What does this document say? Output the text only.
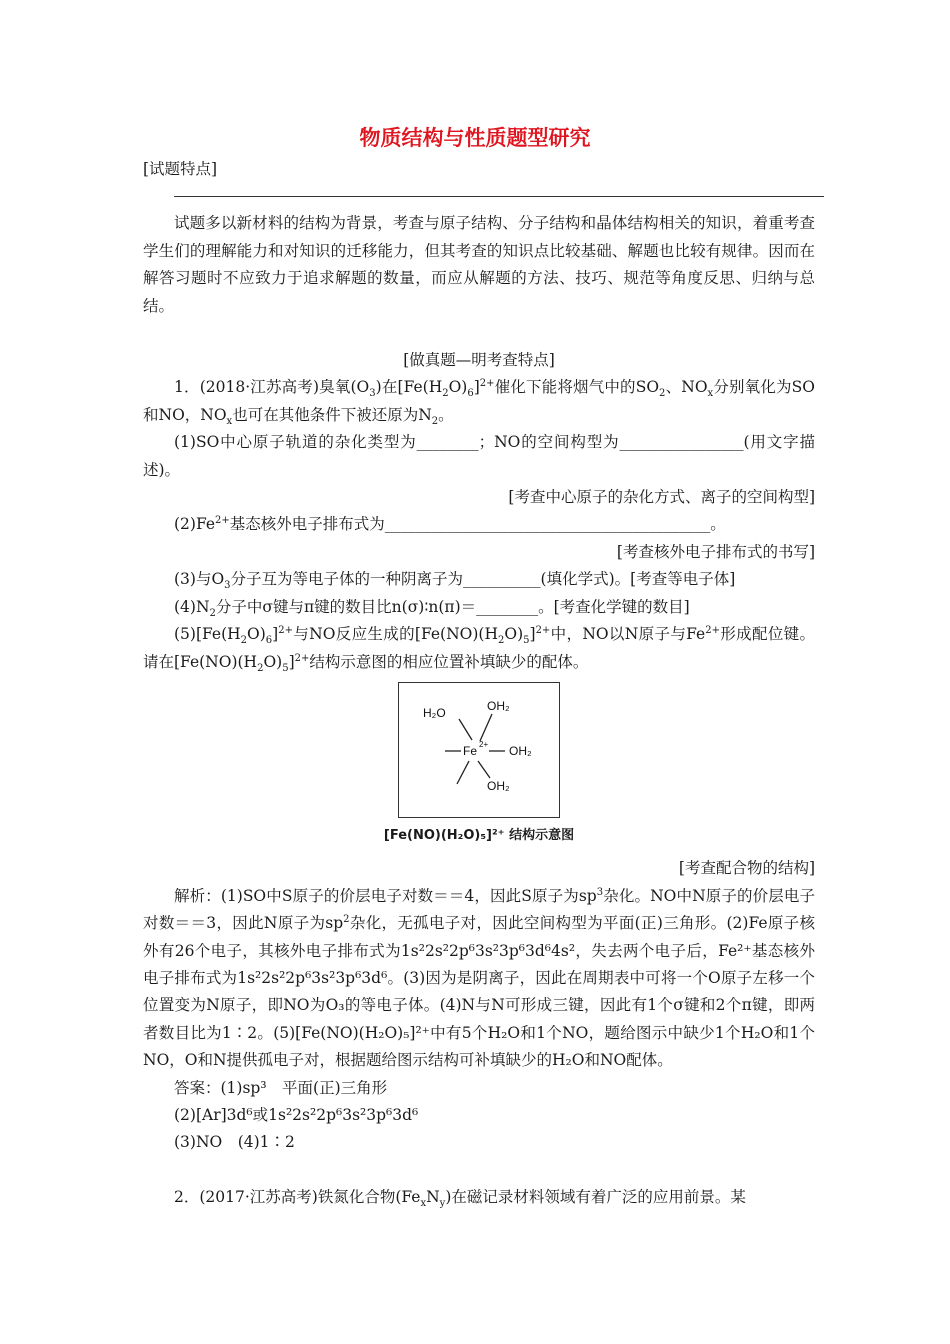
物质结构与性质题型研究

[试题特点]

试题多以新材料的结构为背景，考查与原子结构、分子结构和晶体结构相关的知识，着重考查学生们的理解能力和对知识的迁移能力，但其考查的知识点比较基础、解题也比较有规律。因而在解答习题时不应致力于追求解题的数量，而应从解题的方法、技巧、规范等角度反思、归纳与总结。

[做真题—明考查特点]

1．(2018·江苏高考)臭氧$(O_3)$在$[Fe(H_2O)_6]^{2+}$催化下能将烟气中的$SO_2$、$NO_x$分别氧化为SO和NO，$NO_x$也可在其他条件下被还原为$N_2$。

(1)SO中心原子轨道的杂化类型为________；NO的空间构型为________________(用文字描述)。

[考查中心原子的杂化方式、离子的空间构型]

$(2)Fe^{2+}$基态核外电子排布式为__________________________________________。

[考查核外电子排布式的书写]

(3)与$O_3$分子互为等电子体的一种阴离子为__________(填化学式)。[考查等电子体]

$(4)N_2$分子中σ键与π键的数目比n(σ)∶n(π)＝________。[考查化学键的数目]

$(5)[Fe(H_2O)_6]^{2+}$与NO反应生成的$[Fe(NO)(H_2O)_5]^{2+}$中，NO以N原子与$Fe^{2+}$形成配位键。请在$[Fe(NO)(H_2O)_5]^{2+}$结构示意图的相应位置补填缺少的配体。

H₂O	OH₂
Fe 2+ OH₂
OH₂
[Fe(NO)(H₂O)₅]²⁺ 结构示意图

[考查配合物的结构]

解析：(1)SO中S原子的价层电子对数＝＝4，因此S原子为$sp^3$杂化。NO中N原子的价层电子对数＝＝3，因此N原子为$sp^2$杂化，无孤电子对，因此空间构型为平面(正)三角形。(2)Fe原子核外有26个电子，其核外电子排布式为1s²2s²2p⁶3s²3p⁶3d⁶4s²，失去两个电子后，Fe²⁺基态核外电子排布式为1s²2s²2p⁶3s²3p⁶3d⁶。(3)因为是阴离子，因此在周期表中可将一个O原子左移一个位置变为N原子，即NO为O₃的等电子体。(4)N与N可形成三键，因此有1个σ键和2个π键，即两者数目比为1∶2。(5)[Fe(NO)(H₂O)₅]²⁺中有5个H₂O和1个NO，题给图示中缺少1个H₂O和1个NO，O和N提供孤电子对，根据题给图示结构可补填缺少的H₂O和NO配体。

答案：(1)sp³　平面(正)三角形

(2)[Ar]3d⁶或1s²2s²2p⁶3s²3p⁶3d⁶

(3)NO　(4)1∶2

2．(2017·江苏高考)铁氮化合物$(Fe_xN_y)$在磁记录材料领域有着广泛的应用前景。某
